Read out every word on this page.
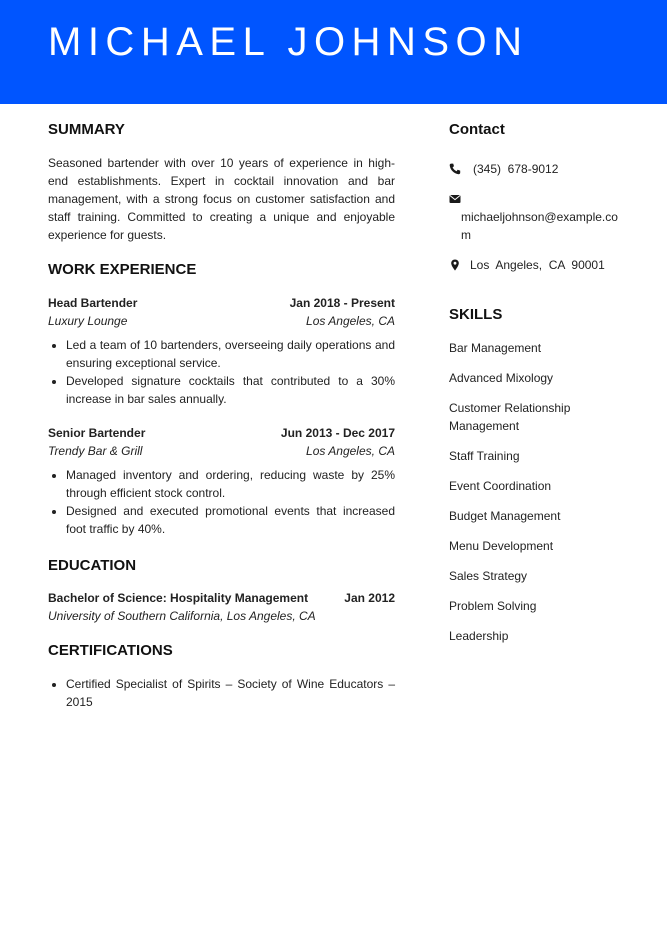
MICHAEL JOHNSON
SUMMARY

Seasoned bartender with over 10 years of experience in high-end establishments. Expert in cocktail innovation and bar management, with a strong focus on customer satisfaction and staff training. Committed to creating a unique and enjoyable experience for guests.

WORK EXPERIENCE
Head Bartender	Jan 2018 - Present
Luxury Lounge	Los Angeles, CA
• Led a team of 10 bartenders, overseeing daily operations and ensuring exceptional service.
• Developed signature cocktails that contributed to a 30% increase in bar sales annually.
Senior Bartender	Jun 2013 - Dec 2017
Trendy Bar & Grill	Los Angeles, CA
• Managed inventory and ordering, reducing waste by 25% through efficient stock control.
• Designed and executed promotional events that increased foot traffic by 40%.
EDUCATION
Bachelor of Science: Hospitality Management	Jan 2012
University of Southern California, Los Angeles, CA
CERTIFICATIONS
• Certified Specialist of Spirits – Society of Wine Educators – 2015
Contact
(345)  678-9012
michaeljohnson@example.com
Los  Angeles,  CA  90001
SKILLS
Bar Management
Advanced Mixology
Customer Relationship Management
Staff Training
Event Coordination
Budget Management
Menu Development
Sales Strategy
Problem Solving
Leadership
